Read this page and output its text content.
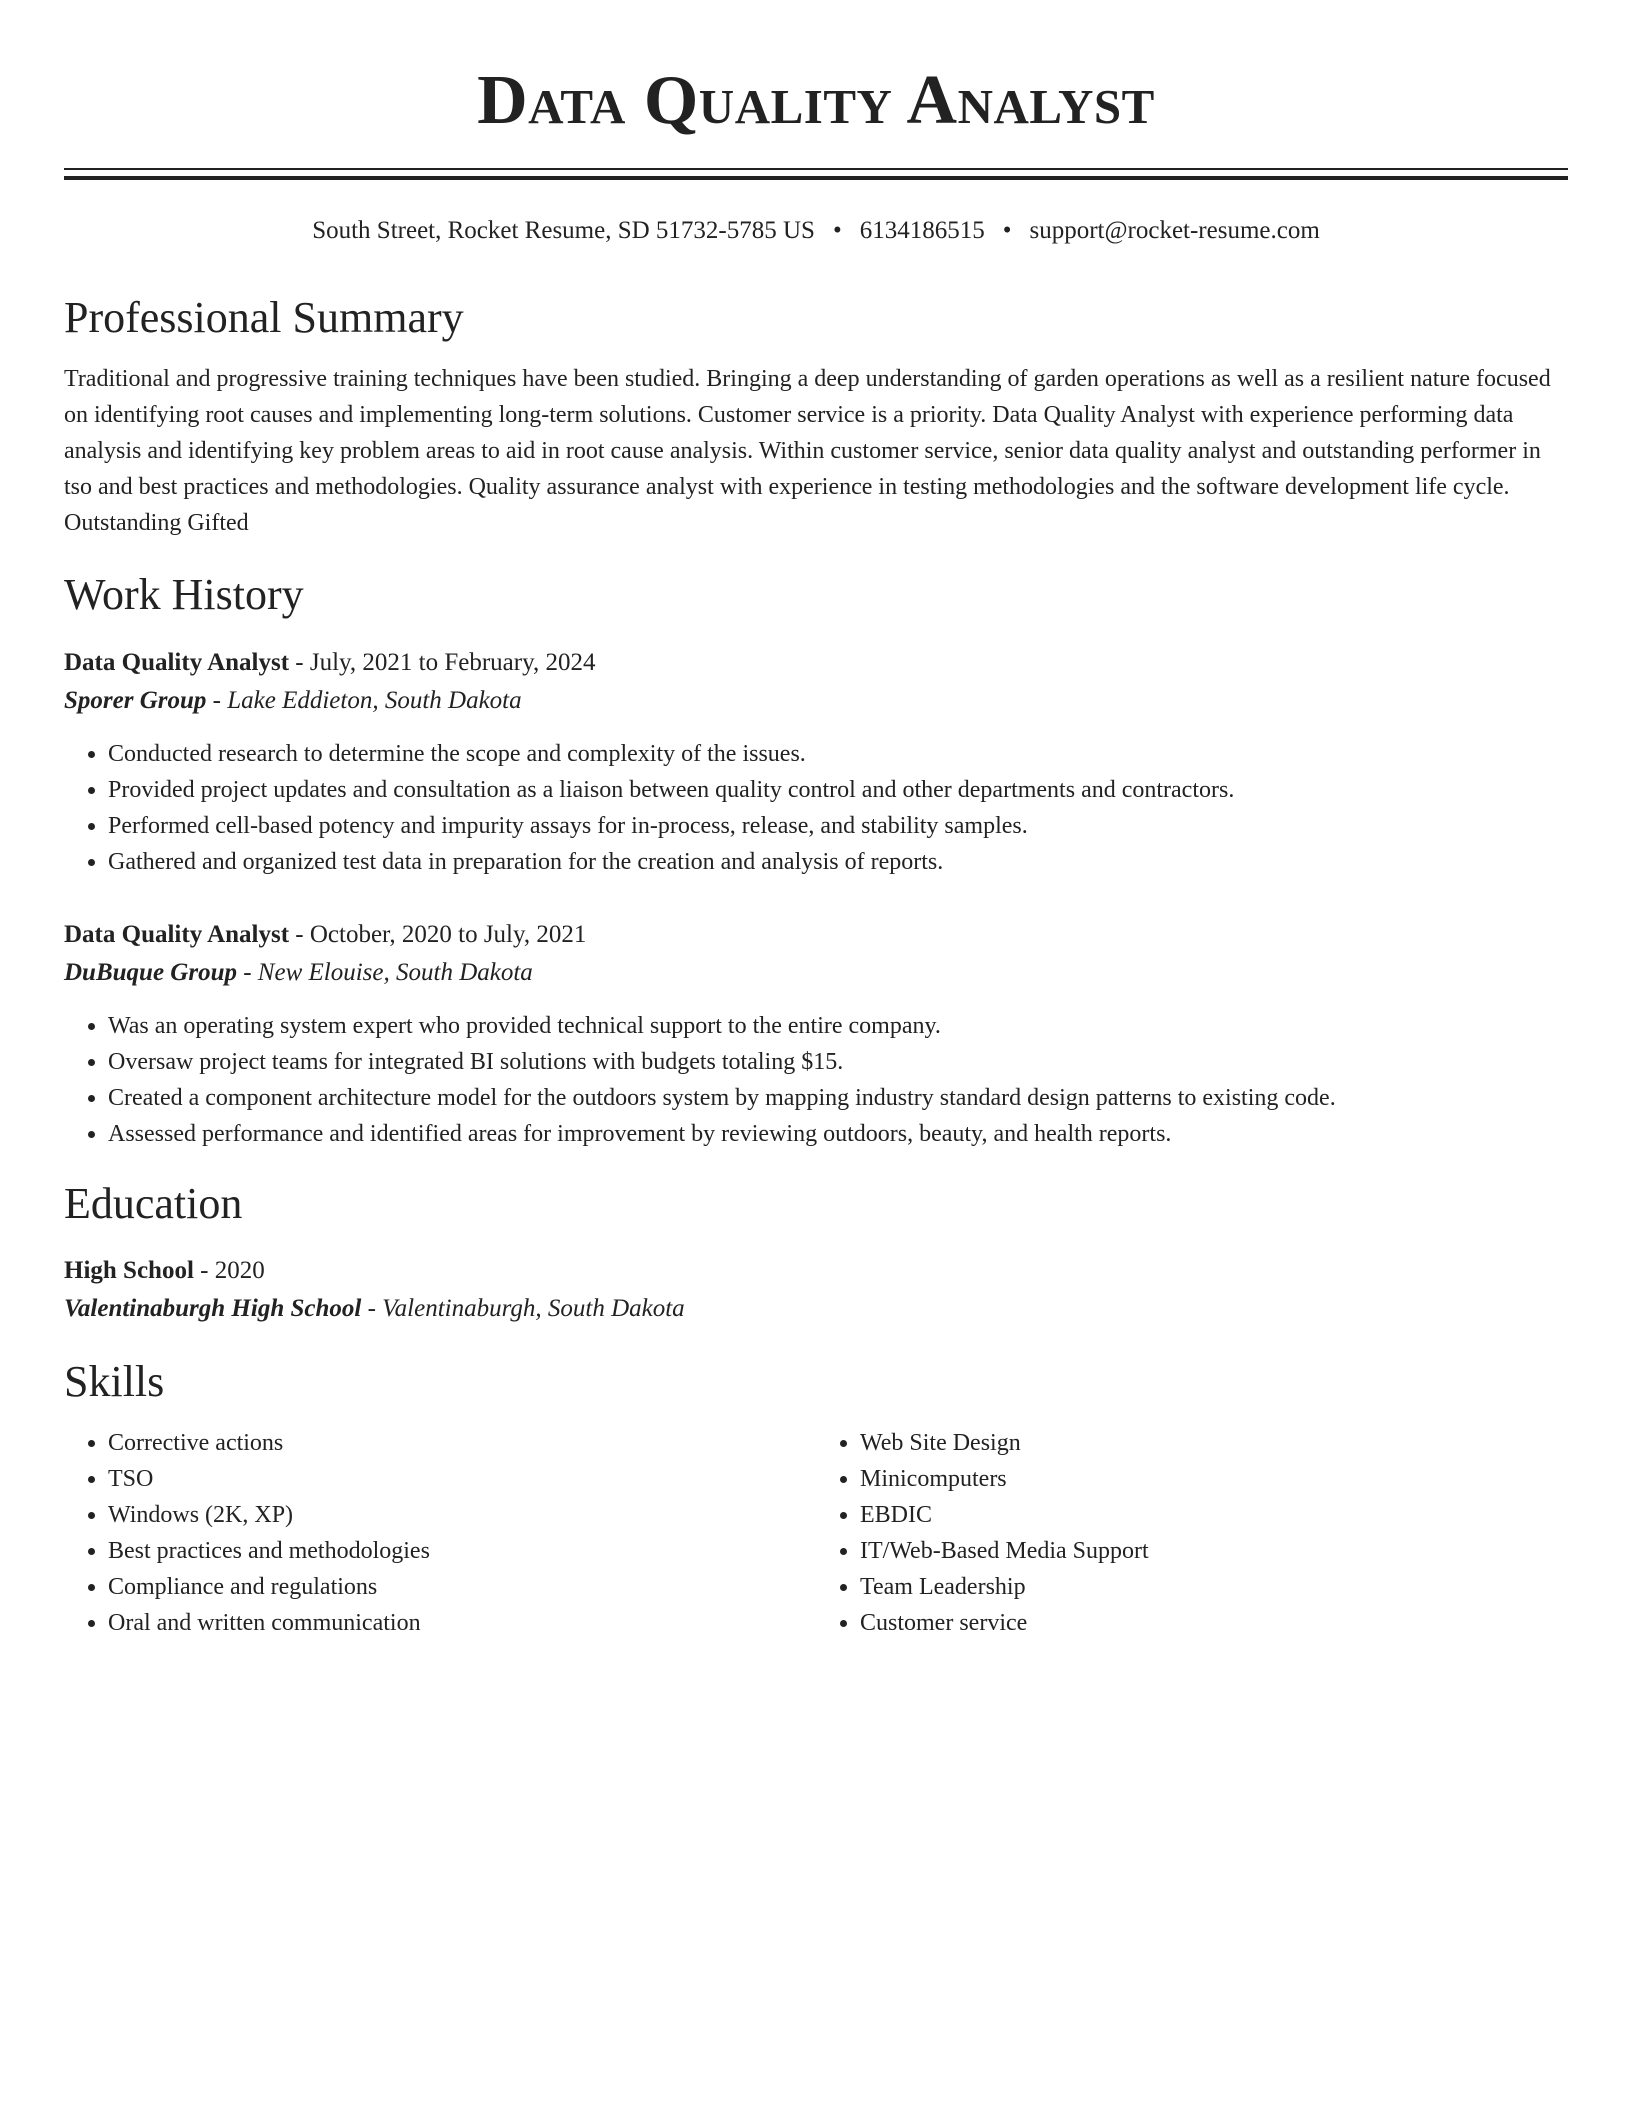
Data Quality Analyst
South Street, Rocket Resume, SD 51732-5785 US • 6134186515 • support@rocket-resume.com
Professional Summary

Traditional and progressive training techniques have been studied. Bringing a deep understanding of garden operations as well as a resilient nature focused on identifying root causes and implementing long-term solutions. Customer service is a priority. Data Quality Analyst with experience performing data analysis and identifying key problem areas to aid in root cause analysis. Within customer service, senior data quality analyst and outstanding performer in tso and best practices and methodologies. Quality assurance analyst with experience in testing methodologies and the software development life cycle. Outstanding Gifted

Work History
Data Quality Analyst - July, 2021 to February, 2024
Sporer Group - Lake Eddieton, South Dakota
• Conducted research to determine the scope and complexity of the issues.
• Provided project updates and consultation as a liaison between quality control and other departments and contractors.
• Performed cell-based potency and impurity assays for in-process, release, and stability samples.
• Gathered and organized test data in preparation for the creation and analysis of reports.
Data Quality Analyst - October, 2020 to July, 2021
DuBuque Group - New Elouise, South Dakota
• Was an operating system expert who provided technical support to the entire company.
• Oversaw project teams for integrated BI solutions with budgets totaling $15.
• Created a component architecture model for the outdoors system by mapping industry standard design patterns to existing code.
• Assessed performance and identified areas for improvement by reviewing outdoors, beauty, and health reports.
Education
High School - 2020
Valentinaburgh High School - Valentinaburgh, South Dakota
Skills
• Corrective actions
• TSO
• Windows (2K, XP)
• Best practices and methodologies
• Compliance and regulations
• Oral and written communication
• Web Site Design
• Minicomputers
• EBDIC
• IT/Web-Based Media Support
• Team Leadership
• Customer service
